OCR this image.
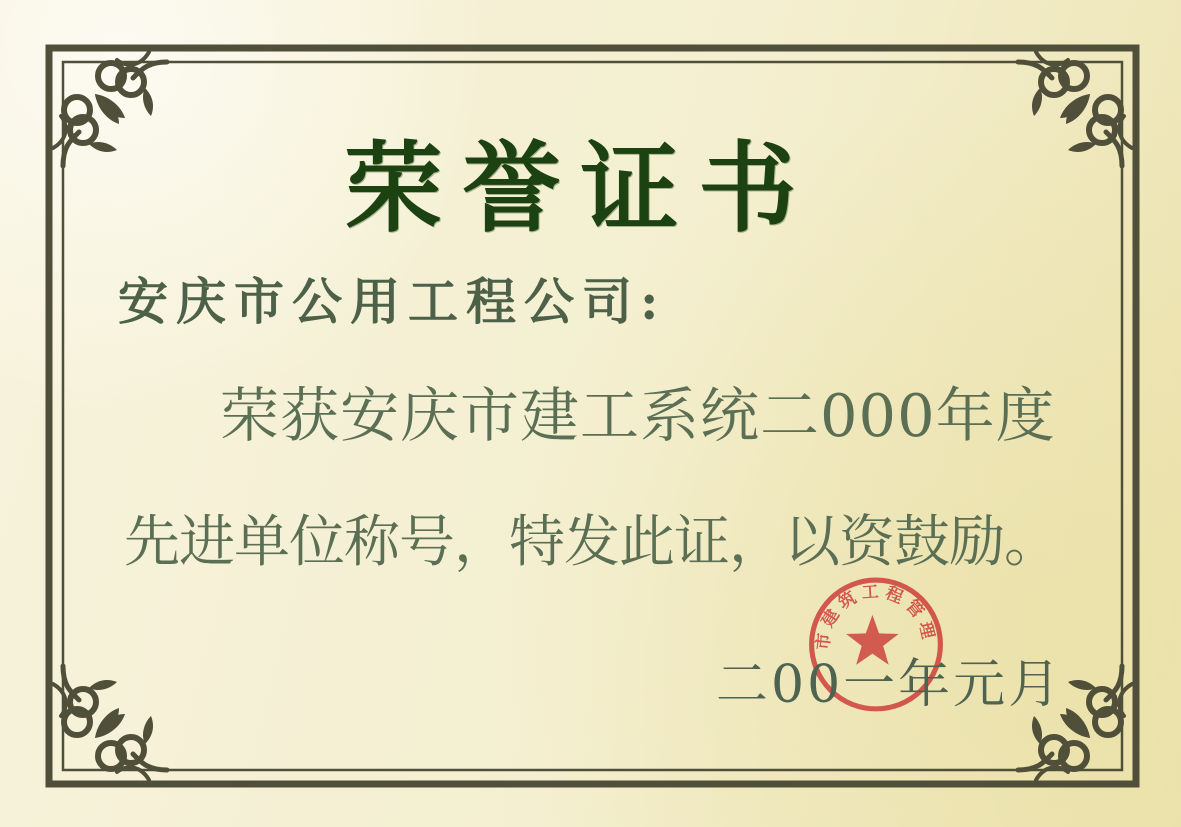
市建筑工程管理
荣誉证书
安庆市公用工程公司:
荣获安庆市建工系统二000年度
先进单位称号，特发此证，以资鼓励。
二00一年元月
